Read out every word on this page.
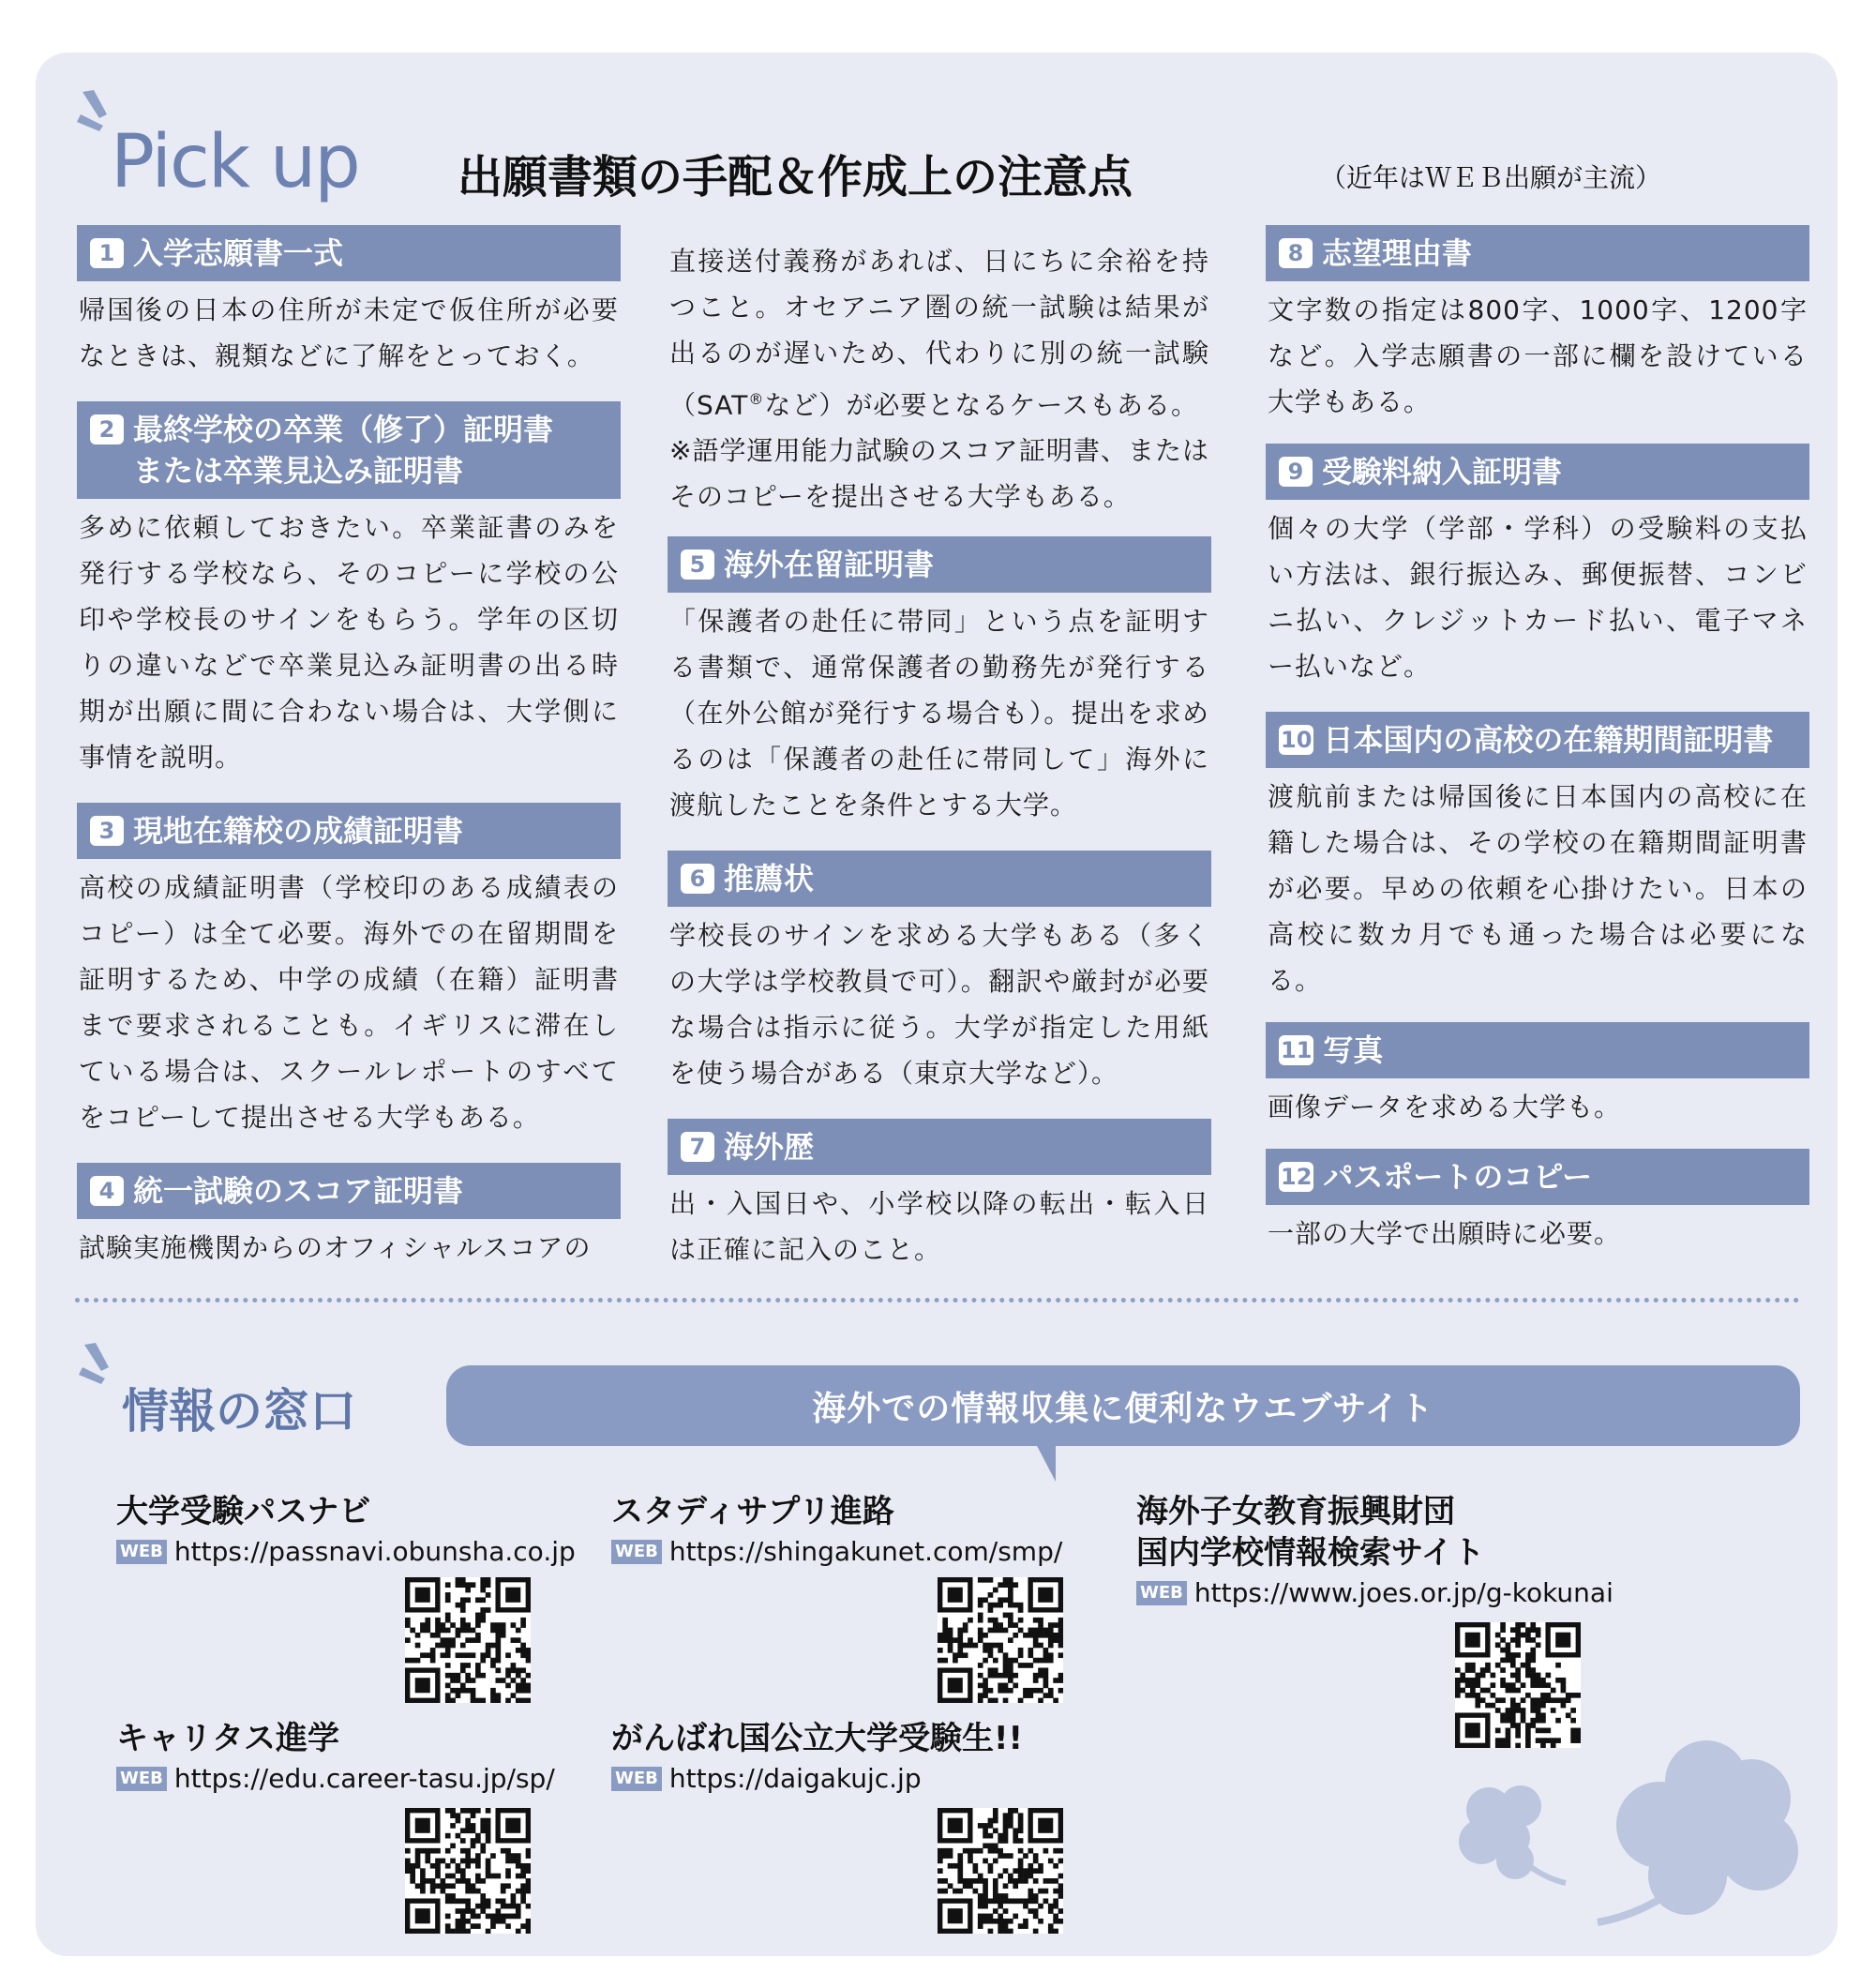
Pick up 出願書類の手配＆作成上の注意点	（近年はＷＥＢ出願が主流）
1 入学志願書一式
帰国後の日本の住所が未定で仮住所が必要なときは、親類などに了解をとっておく。
2 最終学校の卒業（修了）証明書
または卒業見込み証明書
多めに依頼しておきたい。卒業証書のみを発行する学校なら、そのコピーに学校の公印や学校長のサインをもらう。学年の区切りの違いなどで卒業見込み証明書の出る時期が出願に間に合わない場合は、大学側に事情を説明。
3 現地在籍校の成績証明書
高校の成績証明書（学校印のある成績表のコピー）は全て必要。海外での在留期間を証明するため、中学の成績（在籍）証明書まで要求されることも。イギリスに滞在している場合は、スクールレポートのすべてをコピーして提出させる大学もある。
4 統一試験のスコア証明書
試験実施機関からのオフィシャルスコアの
直接送付義務があれば、日にちに余裕を持つこと。オセアニア圏の統一試験は結果が出るのが遅いため、代わりに別の統一試験（SAT®など）が必要となるケースもある。
※語学運用能力試験のスコア証明書、またはそのコピーを提出させる大学もある。
5 海外在留証明書
「保護者の赴任に帯同」という点を証明する書類で、通常保護者の勤務先が発行する（在外公館が発行する場合も）。提出を求めるのは「保護者の赴任に帯同して」海外に渡航したことを条件とする大学。
6 推薦状
学校長のサインを求める大学もある（多くの大学は学校教員で可）。翻訳や厳封が必要な場合は指示に従う。大学が指定した用紙を使う場合がある（東京大学など）。
7 海外歴
出・入国日や、小学校以降の転出・転入日は正確に記入のこと。
8 志望理由書
文字数の指定は800字、1000字、1200字など。入学志願書の一部に欄を設けている大学もある。
9 受験料納入証明書
個々の大学（学部・学科）の受験料の支払い方法は、銀行振込み、郵便振替、コンビニ払い、クレジットカード払い、電子マネー払いなど。
10 日本国内の高校の在籍期間証明書
渡航前または帰国後に日本国内の高校に在籍した場合は、その学校の在籍期間証明書が必要。早めの依頼を心掛けたい。日本の高校に数カ月でも通った場合は必要になる。
11 写真
画像データを求める大学も。
12 パスポートのコピー
一部の大学で出願時に必要。
情報の窓口	海外での情報収集に便利なウエブサイト
大学受験パスナビ
WEB https://passnavi.obunsha.co.jp
スタディサプリ進路
WEB https://shingakunet.com/smp/
海外子女教育振興財団
国内学校情報検索サイト
WEB https://www.joes.or.jp/g-kokunai
キャリタス進学
WEB https://edu.career-tasu.jp/sp/
がんばれ国公立大学受験生!!
WEB https://daigakujc.jp
